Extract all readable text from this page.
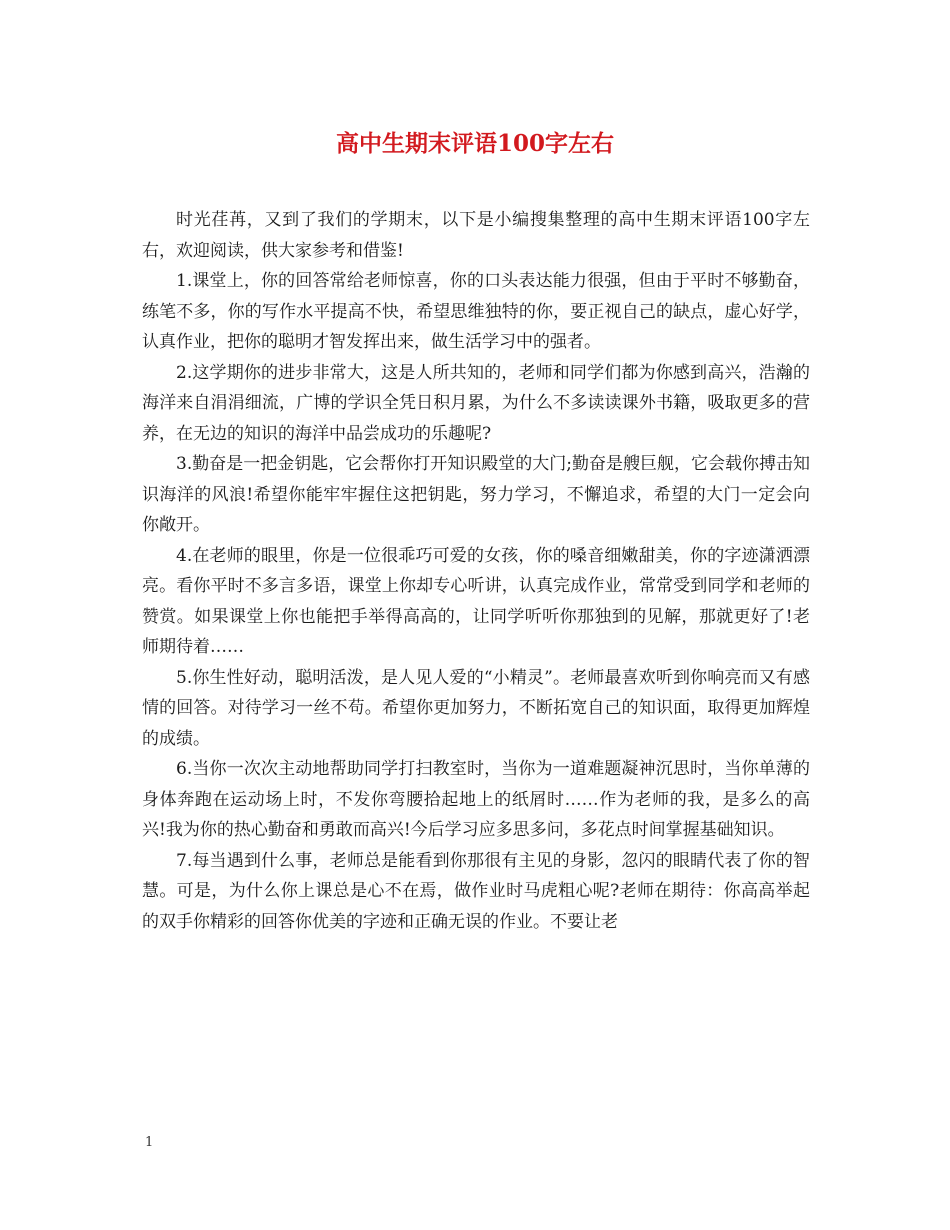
高中生期末评语100字左右

时光荏苒，又到了我们的学期末，以下是小编搜集整理的高中生期末评语100字左右，欢迎阅读，供大家参考和借鉴!

1.课堂上，你的回答常给老师惊喜，你的口头表达能力很强，但由于平时不够勤奋，练笔不多，你的写作水平提高不快，希望思维独特的你，要正视自己的缺点，虚心好学，认真作业，把你的聪明才智发挥出来，做生活学习中的强者。

2.这学期你的进步非常大，这是人所共知的，老师和同学们都为你感到高兴，浩瀚的海洋来自涓涓细流，广博的学识全凭日积月累，为什么不多读读课外书籍，吸取更多的营养，在无边的知识的海洋中品尝成功的乐趣呢?

3.勤奋是一把金钥匙，它会帮你打开知识殿堂的大门;勤奋是艘巨舰，它会载你搏击知识海洋的风浪!希望你能牢牢握住这把钥匙，努力学习，不懈追求，希望的大门一定会向你敞开。

4.在老师的眼里，你是一位很乖巧可爱的女孩，你的嗓音细嫩甜美，你的字迹潇洒漂亮。看你平时不多言多语，课堂上你却专心听讲，认真完成作业，常常受到同学和老师的赞赏。如果课堂上你也能把手举得高高的，让同学听听你那独到的见解，那就更好了!老师期待着……

5.你生性好动，聪明活泼，是人见人爱的“小精灵”。老师最喜欢听到你响亮而又有感情的回答。对待学习一丝不苟。希望你更加努力，不断拓宽自己的知识面，取得更加辉煌的成绩。

6.当你一次次主动地帮助同学打扫教室时，当你为一道难题凝神沉思时，当你单薄的身体奔跑在运动场上时，不发你弯腰拾起地上的纸屑时……作为老师的我，是多么的高兴!我为你的热心勤奋和勇敢而高兴!今后学习应多思多问，多花点时间掌握基础知识。

7.每当遇到什么事，老师总是能看到你那很有主见的身影，忽闪的眼睛代表了你的智慧。可是，为什么你上课总是心不在焉，做作业时马虎粗心呢?老师在期待：你高高举起的双手你精彩的回答你优美的字迹和正确无误的作业。不要让老

1
